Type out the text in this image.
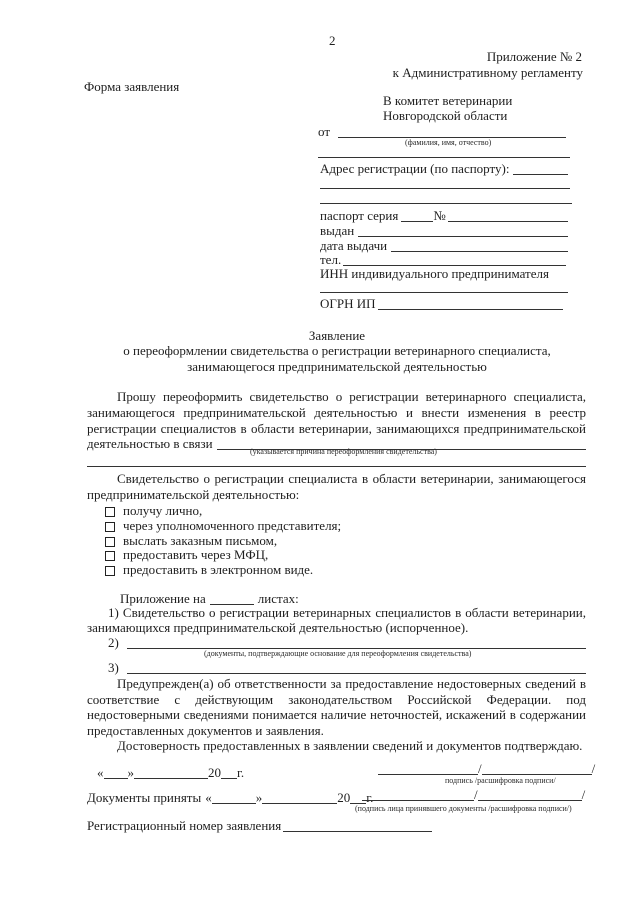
2
Приложение № 2
к Административному регламенту
Форма заявления
В комитет ветеринарии
Новгородской области
от
(фамилия, имя, отчество)
Адрес регистрации (по паспорту):
паспорт серия	№
выдан
дата выдачи
тел.
ИНН индивидуального предпринимателя
ОГРН ИП
Заявление
о переоформлении свидетельства о регистрации ветеринарного специалиста,
занимающегося предпринимательской деятельностью
Прошу переоформить свидетельство о регистрации ветеринарного специалиста,
занимающегося предпринимательской деятельностью и внести изменения в реестр
регистрации специалистов в области ветеринарии, занимающихся предпринимательской
деятельностью в связи
(указывается причина переоформления свидетельства)
Свидетельство о регистрации специалиста в области ветеринарии, занимающегося
предпринимательской деятельностью:
получу лично,
через уполномоченного представителя;
выслать заказным письмом,
предоставить через МФЦ,
предоставить в электронном виде.
Приложение на	листах:
1) Свидетельство о регистрации ветеринарных специалистов в области ветеринарии,
занимающихся предпринимательской деятельностью (испорченное).
2)
(документы, подтверждающие основание для переоформления свидетельства)
3)
Предупрежден(а) об ответственности за предоставление недостоверных сведений в
соответствие с действующим законодательством Российской Федерации. под
недостоверными сведениями понимается наличие неточностей, искажений в содержании
предоставленных документов и заявления.
Достоверность предоставленных в заявлении сведений и документов подтверждаю.
« »	20 г.	/	/
подпись /расшифровка подписи/
Документы приняты «	»	20 г.	/	/
(подпись лица принявшего документы /расшифровка подписи/)
Регистрационный номер заявления
